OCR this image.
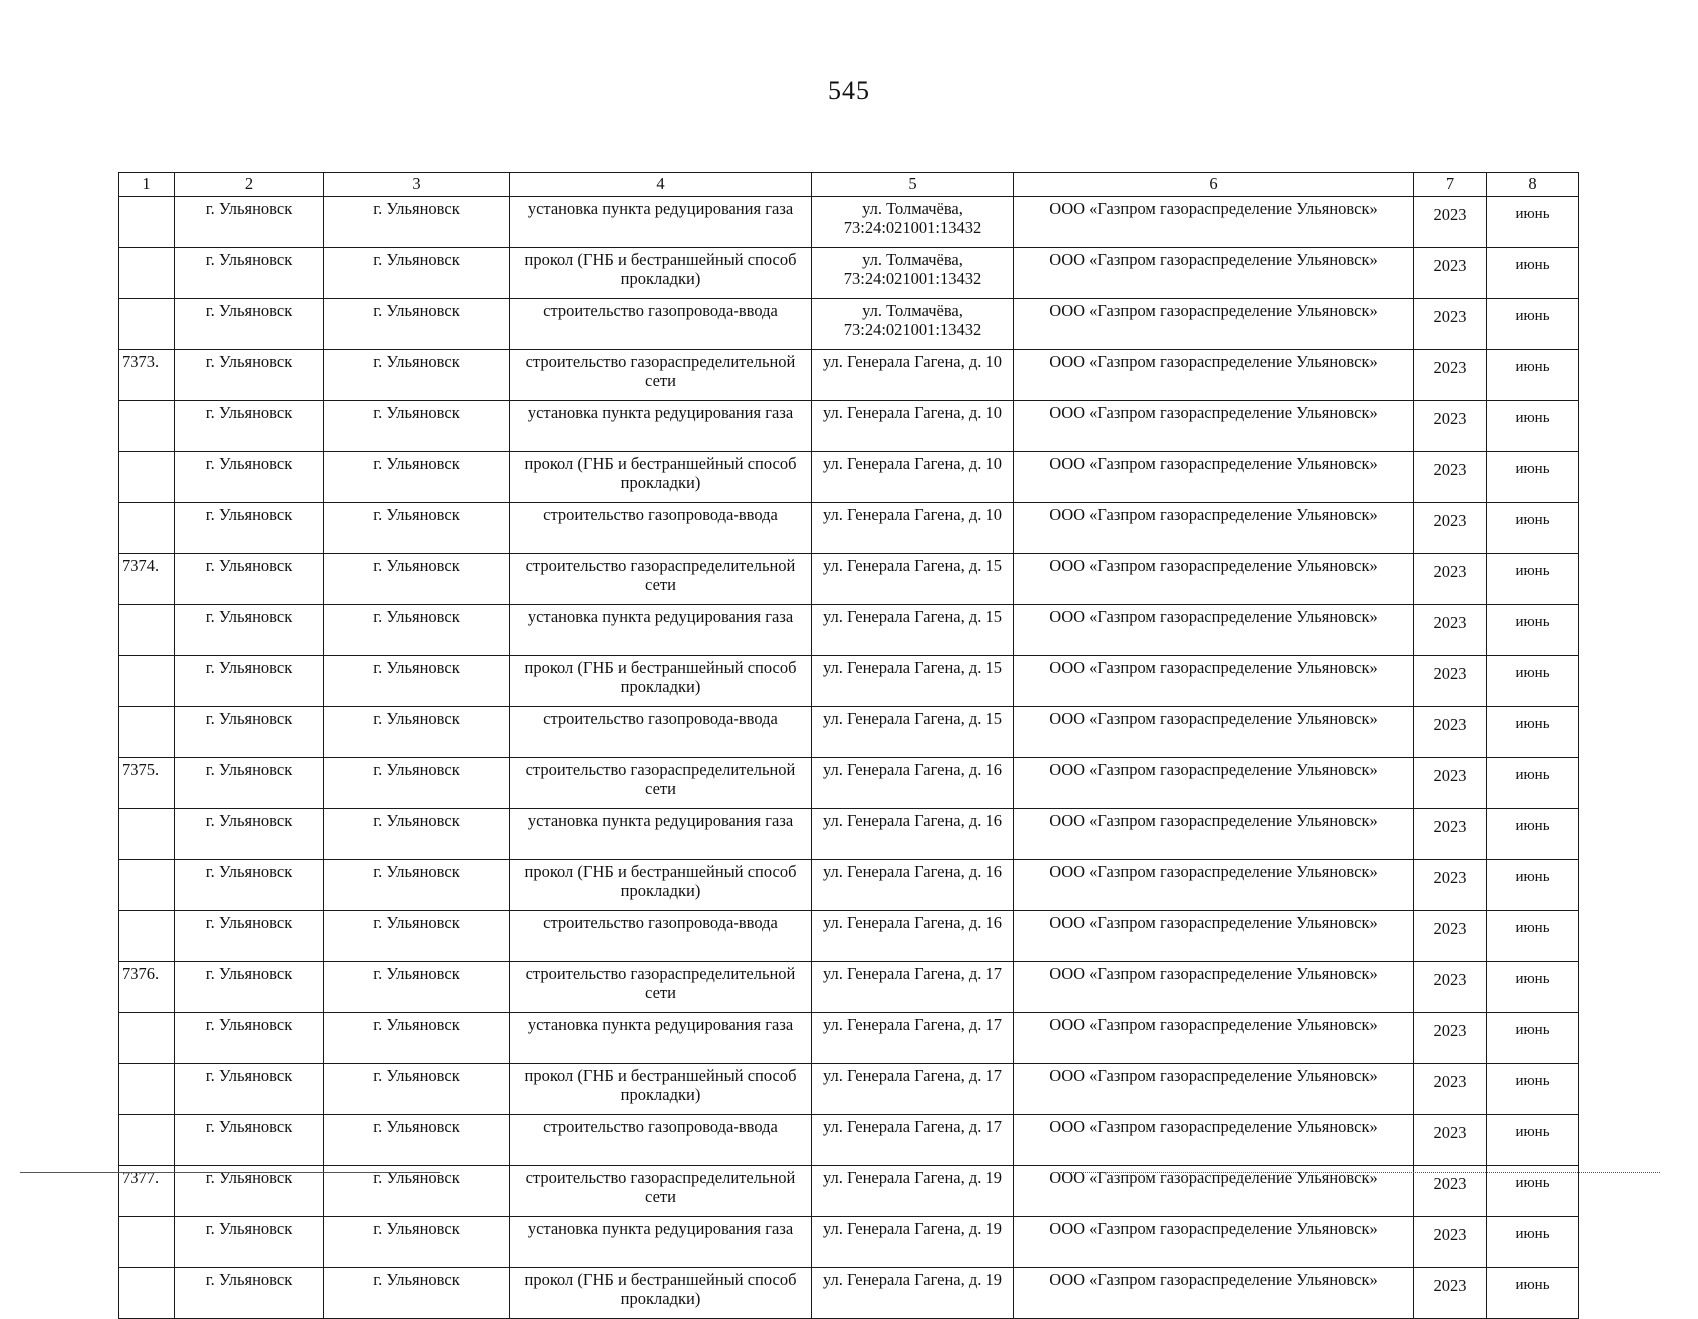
545
1	2	3	4	5	6	7	8
	г. Ульяновск	г. Ульяновск	установка пункта редуцирования газа	ул. Толмачёва, 73:24:021001:13432	ООО «Газпром газораспределение Ульяновск»	2023	июнь
	г. Ульяновск	г. Ульяновск	прокол (ГНБ и бестраншейный способ прокладки)	ул. Толмачёва, 73:24:021001:13432	ООО «Газпром газораспределение Ульяновск»	2023	июнь
	г. Ульяновск	г. Ульяновск	строительство газопровода-ввода	ул. Толмачёва, 73:24:021001:13432	ООО «Газпром газораспределение Ульяновск»	2023	июнь
7373.	г. Ульяновск	г. Ульяновск	строительство газораспределительной сети	ул. Генерала Гагена, д. 10	ООО «Газпром газораспределение Ульяновск»	2023	июнь
	г. Ульяновск	г. Ульяновск	установка пункта редуцирования газа	ул. Генерала Гагена, д. 10	ООО «Газпром газораспределение Ульяновск»	2023	июнь
	г. Ульяновск	г. Ульяновск	прокол (ГНБ и бестраншейный способ прокладки)	ул. Генерала Гагена, д. 10	ООО «Газпром газораспределение Ульяновск»	2023	июнь
	г. Ульяновск	г. Ульяновск	строительство газопровода-ввода	ул. Генерала Гагена, д. 10	ООО «Газпром газораспределение Ульяновск»	2023	июнь
7374.	г. Ульяновск	г. Ульяновск	строительство газораспределительной сети	ул. Генерала Гагена, д. 15	ООО «Газпром газораспределение Ульяновск»	2023	июнь
	г. Ульяновск	г. Ульяновск	установка пункта редуцирования газа	ул. Генерала Гагена, д. 15	ООО «Газпром газораспределение Ульяновск»	2023	июнь
	г. Ульяновск	г. Ульяновск	прокол (ГНБ и бестраншейный способ прокладки)	ул. Генерала Гагена, д. 15	ООО «Газпром газораспределение Ульяновск»	2023	июнь
	г. Ульяновск	г. Ульяновск	строительство газопровода-ввода	ул. Генерала Гагена, д. 15	ООО «Газпром газораспределение Ульяновск»	2023	июнь
7375.	г. Ульяновск	г. Ульяновск	строительство газораспределительной сети	ул. Генерала Гагена, д. 16	ООО «Газпром газораспределение Ульяновск»	2023	июнь
	г. Ульяновск	г. Ульяновск	установка пункта редуцирования газа	ул. Генерала Гагена, д. 16	ООО «Газпром газораспределение Ульяновск»	2023	июнь
	г. Ульяновск	г. Ульяновск	прокол (ГНБ и бестраншейный способ прокладки)	ул. Генерала Гагена, д. 16	ООО «Газпром газораспределение Ульяновск»	2023	июнь
	г. Ульяновск	г. Ульяновск	строительство газопровода-ввода	ул. Генерала Гагена, д. 16	ООО «Газпром газораспределение Ульяновск»	2023	июнь
7376.	г. Ульяновск	г. Ульяновск	строительство газораспределительной сети	ул. Генерала Гагена, д. 17	ООО «Газпром газораспределение Ульяновск»	2023	июнь
	г. Ульяновск	г. Ульяновск	установка пункта редуцирования газа	ул. Генерала Гагена, д. 17	ООО «Газпром газораспределение Ульяновск»	2023	июнь
	г. Ульяновск	г. Ульяновск	прокол (ГНБ и бестраншейный способ прокладки)	ул. Генерала Гагена, д. 17	ООО «Газпром газораспределение Ульяновск»	2023	июнь
	г. Ульяновск	г. Ульяновск	строительство газопровода-ввода	ул. Генерала Гагена, д. 17	ООО «Газпром газораспределение Ульяновск»	2023	июнь
7377.	г. Ульяновск	г. Ульяновск	строительство газораспределительной сети	ул. Генерала Гагена, д. 19	ООО «Газпром газораспределение Ульяновск»	2023	июнь
	г. Ульяновск	г. Ульяновск	установка пункта редуцирования газа	ул. Генерала Гагена, д. 19	ООО «Газпром газораспределение Ульяновск»	2023	июнь
	г. Ульяновск	г. Ульяновск	прокол (ГНБ и бестраншейный способ прокладки)	ул. Генерала Гагена, д. 19	ООО «Газпром газораспределение Ульяновск»	2023	июнь
